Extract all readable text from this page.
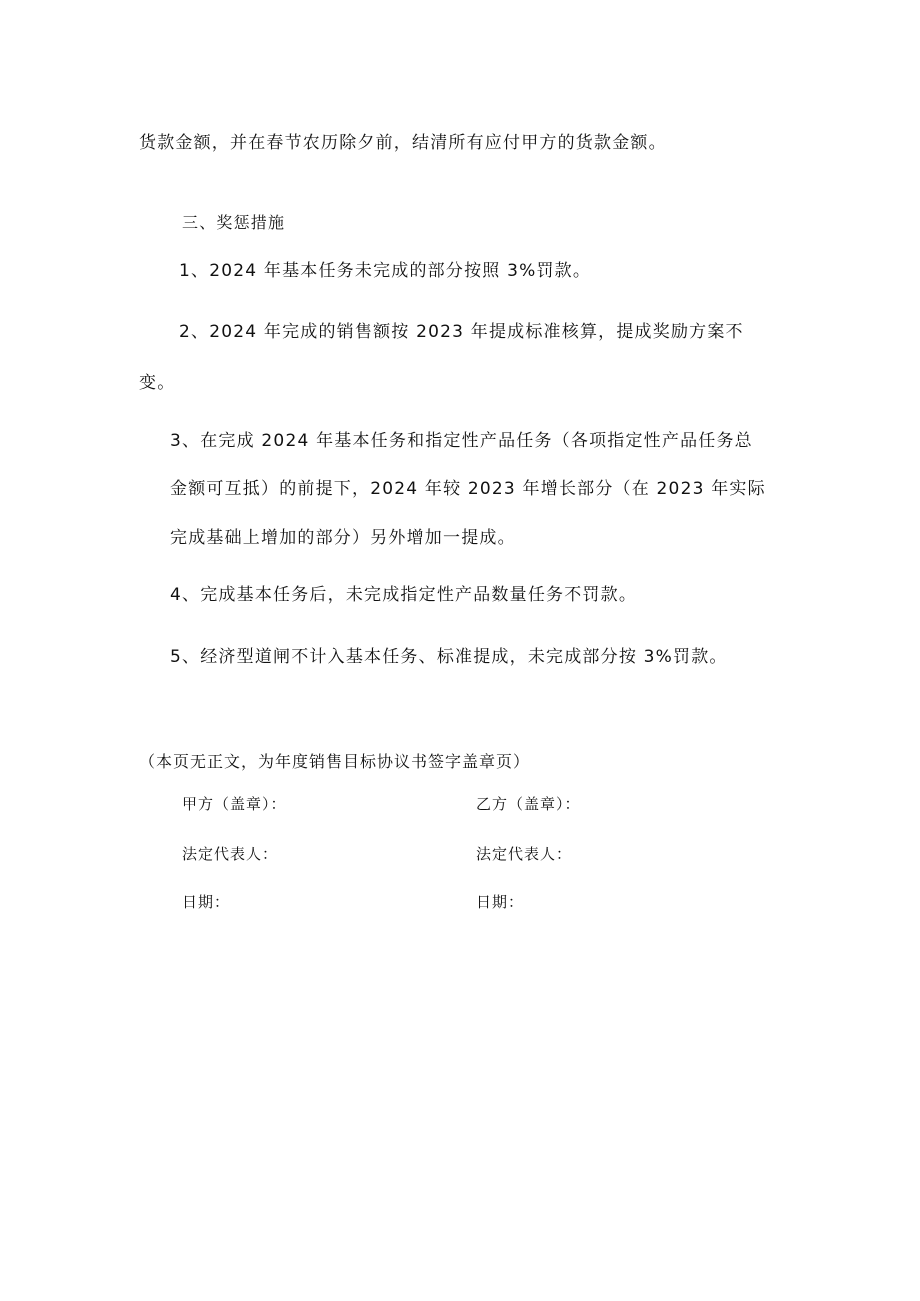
货款金额，并在春节农历除夕前，结清所有应付甲方的货款金额。
三、奖惩措施
1、2024 年基本任务未完成的部分按照 3%罚款。
2、2024 年完成的销售额按 2023 年提成标准核算，提成奖励方案不
变。
3、在完成 2024 年基本任务和指定性产品任务（各项指定性产品任务总
金额可互抵）的前提下，2024 年较 2023 年增长部分（在 2023 年实际
完成基础上增加的部分）另外增加一提成。
4、完成基本任务后，未完成指定性产品数量任务不罚款。
5、经济型道闸不计入基本任务、标准提成，未完成部分按 3%罚款。
（本页无正文，为年度销售目标协议书签字盖章页）
甲方（盖章）：	乙方（盖章）：
法定代表人：	法定代表人：
日期：	日期：
